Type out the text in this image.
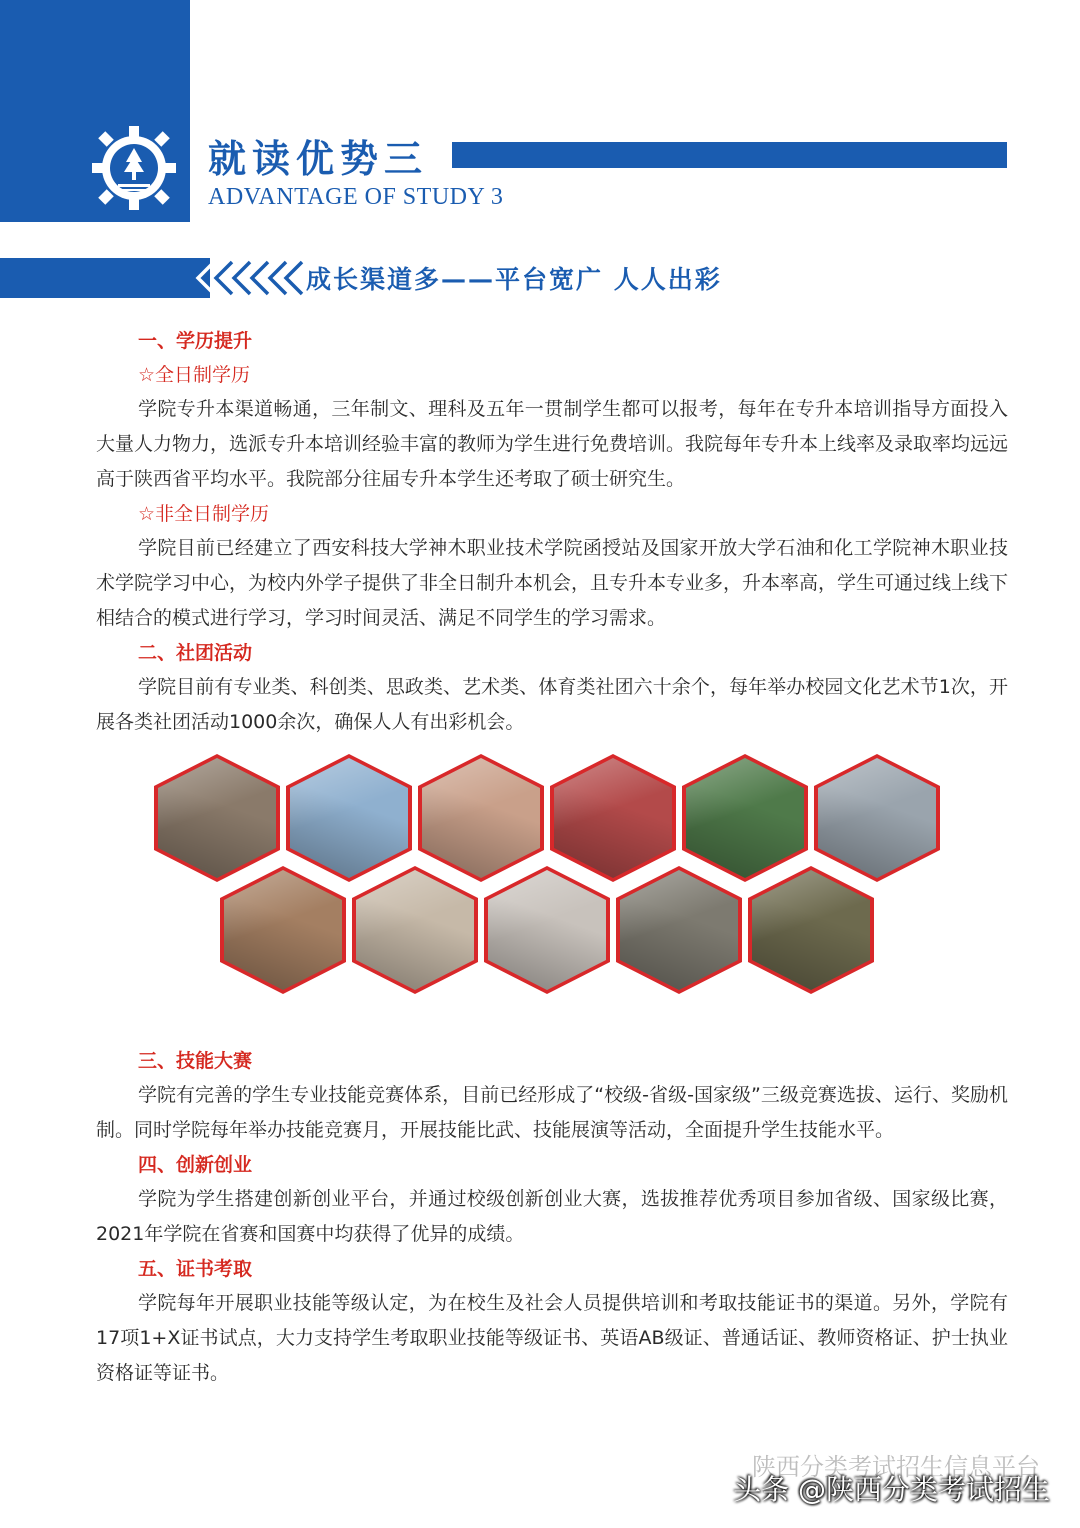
就读优势三
ADVANTAGE OF STUDY 3
成长渠道多——平台宽广 人人出彩
一、学历提升
☆全日制学历

学院专升本渠道畅通，三年制文、理科及五年一贯制学生都可以报考，每年在专升本培训指导方面投入大量人力物力，选派专升本培训经验丰富的教师为学生进行免费培训。我院每年专升本上线率及录取率均远远高于陕西省平均水平。我院部分往届专升本学生还考取了硕士研究生。

☆非全日制学历

学院目前已经建立了西安科技大学神木职业技术学院函授站及国家开放大学石油和化工学院神木职业技术学院学习中心，为校内外学子提供了非全日制升本机会，且专升本专业多，升本率高，学生可通过线上线下相结合的模式进行学习，学习时间灵活、满足不同学生的学习需求。

二、社团活动

学院目前有专业类、科创类、思政类、艺术类、体育类社团六十余个，每年举办校园文化艺术节1次，开展各类社团活动1000余次，确保人人有出彩机会。

三、技能大赛

学院有完善的学生专业技能竞赛体系，目前已经形成了“校级-省级-国家级”三级竞赛选拔、运行、奖励机制。同时学院每年举办技能竞赛月，开展技能比武、技能展演等活动，全面提升学生技能水平。

四、创新创业

学院为学生搭建创新创业平台，并通过校级创新创业大赛，选拔推荐优秀项目参加省级、国家级比赛，2021年学院在省赛和国赛中均获得了优异的成绩。

五、证书考取

学院每年开展职业技能等级认定，为在校生及社会人员提供培训和考取技能证书的渠道。另外，学院有17项1+X证书试点，大力支持学生考取职业技能等级证书、英语AB级证、普通话证、教师资格证、护士执业资格证等证书。

陕西分类考试招生信息平台
头条 @陕西分类考试招生
